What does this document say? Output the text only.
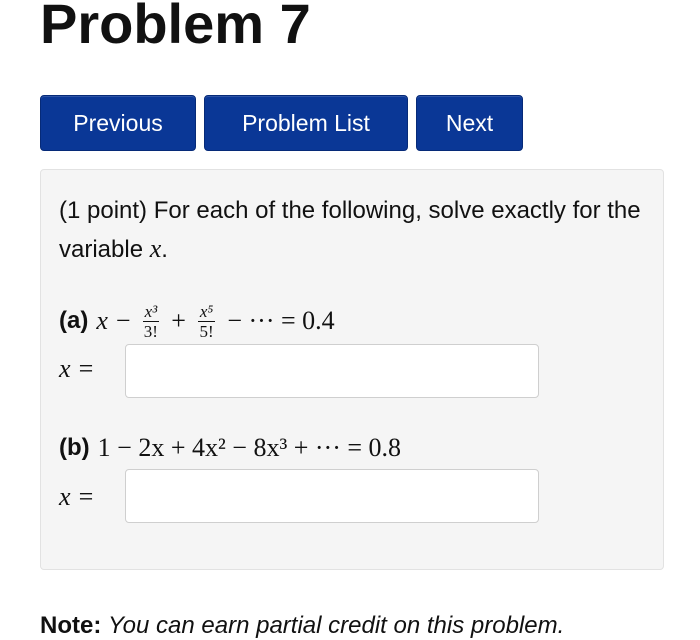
Problem 7
Previous	Problem List	Next
(1 point) For each of the following, solve exactly for the variable x.
(a) $x - \frac{\text{x³}}{3!} + \frac{\text{x⁵}}{5!}$ − ··· = 0.4
x =
(b) 1 − 2x + 4x² − 8x³ + ··· = 0.8
x =
Note: You can earn partial credit on this problem.
